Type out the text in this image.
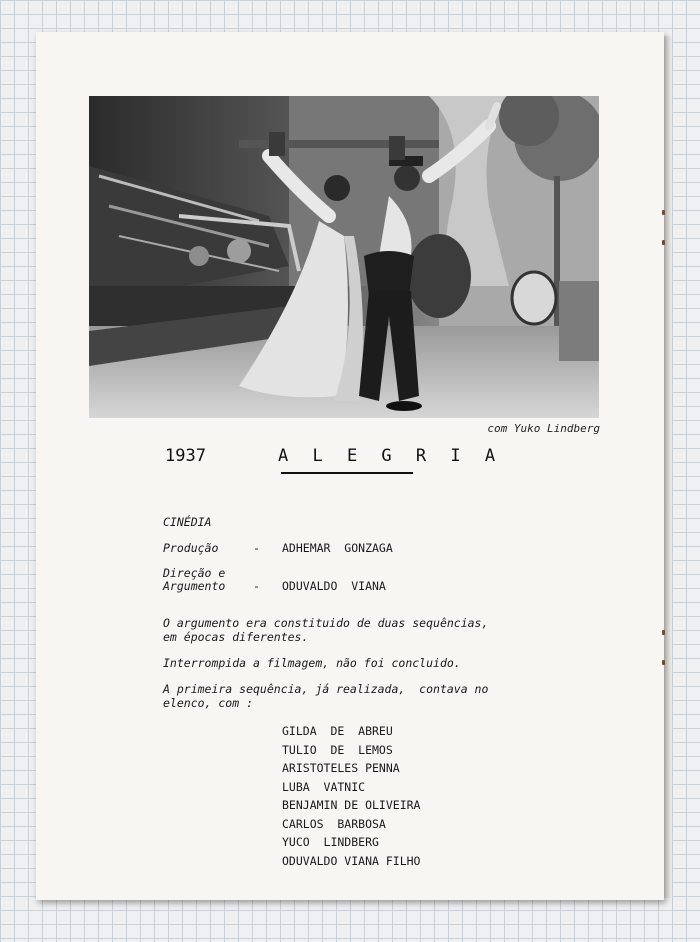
com Yuko Lindberg
1937	A L E G R I A
CINÉDIA
Produção	- ADHEMAR  GONZAGA
Direção e
Argumento - ODUVALDO  VIANA
O argumento era constituido de duas sequências,
em épocas diferentes.
Interrompida a filmagem, não foi concluido.
A primeira sequência, já realizada,  contava no
elenco, com :
GILDA  DE  ABREU
TULIO  DE  LEMOS
ARISTOTELES PENNA
LUBA  VATNIC
BENJAMIN DE OLIVEIRA
CARLOS  BARBOSA
YUCO  LINDBERG
ODUVALDO VIANA FILHO
